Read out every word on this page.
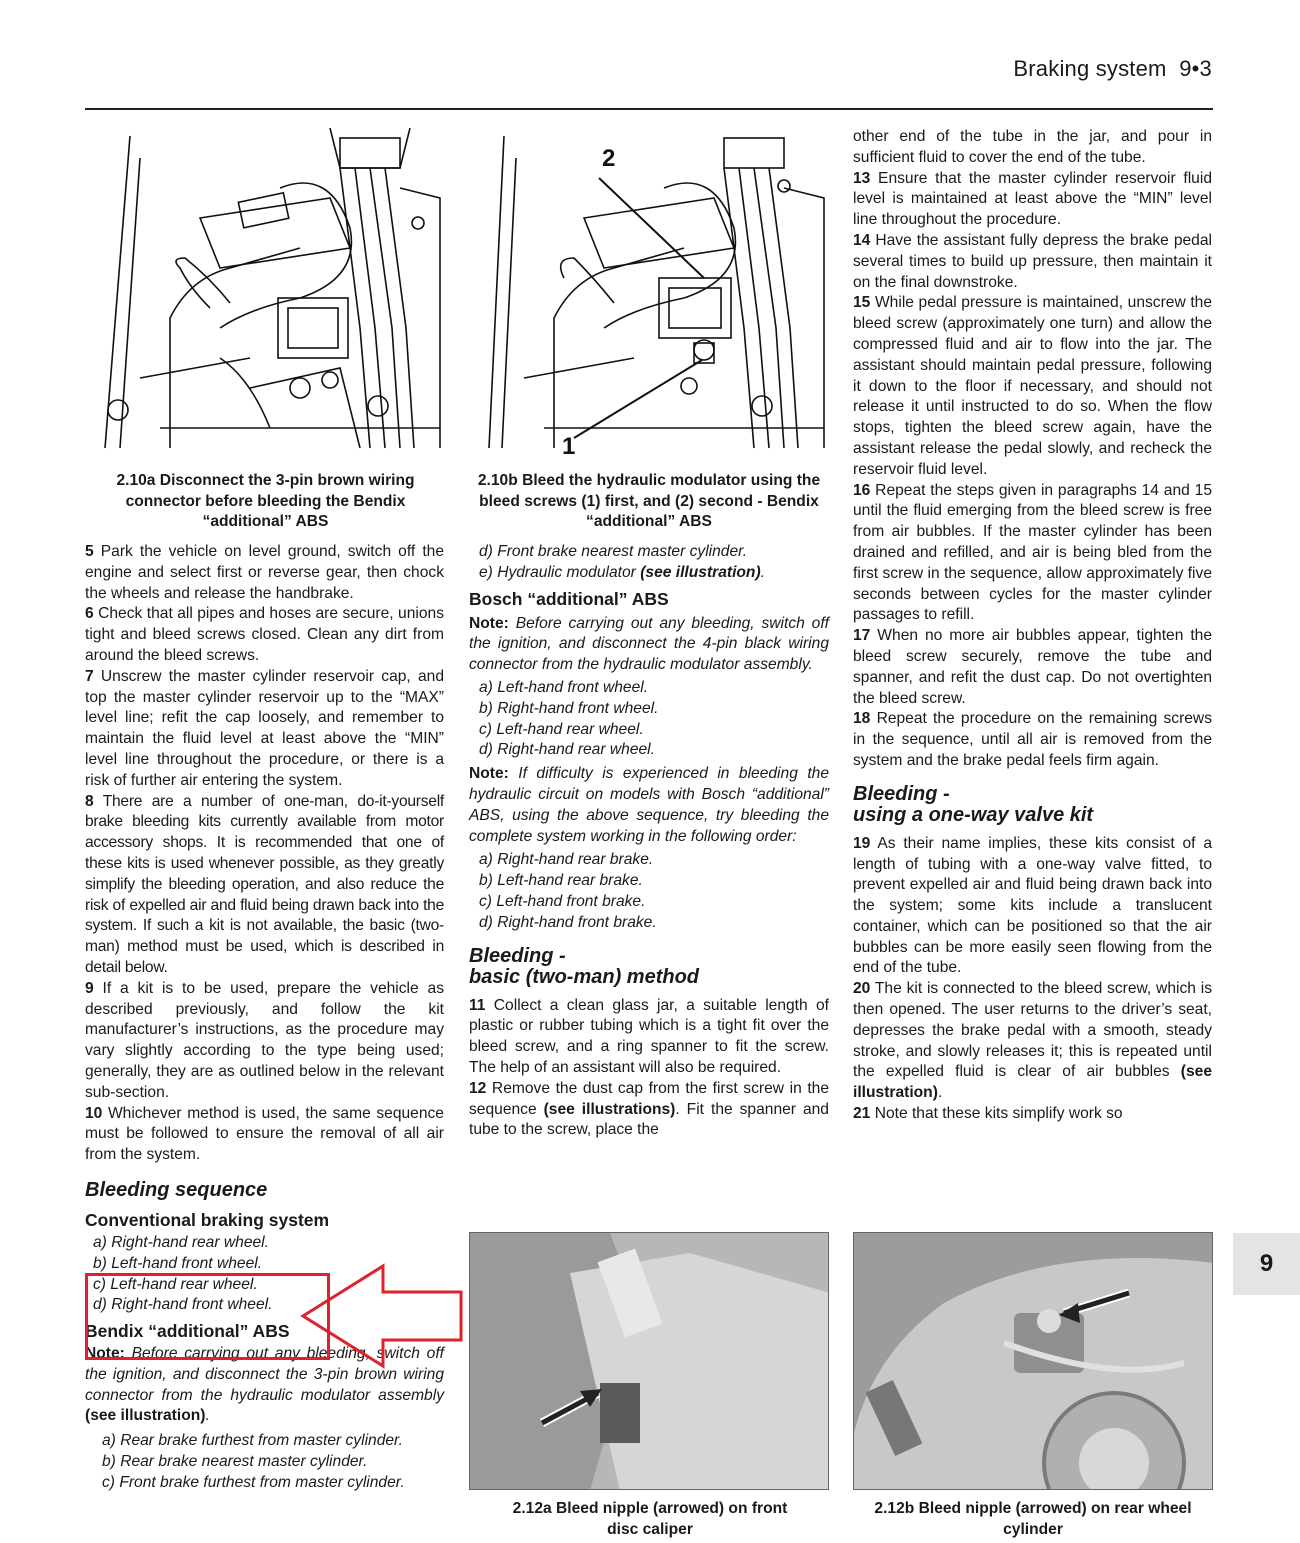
Braking system 9•3
2
1
2.10a Disconnect the 3-pin brown wiring connector before bleeding the Bendix “additional” ABS
2.10b Bleed the hydraulic modulator using the bleed screws (1) first, and (2) second - Bendix “additional” ABS

5 Park the vehicle on level ground, switch off the engine and select first or reverse gear, then chock the wheels and release the handbrake.

6 Check that all pipes and hoses are secure, unions tight and bleed screws closed. Clean any dirt from around the bleed screws.

7 Unscrew the master cylinder reservoir cap, and top the master cylinder reservoir up to the “MAX” level line; refit the cap loosely, and remember to maintain the fluid level at least above the “MIN” level line throughout the procedure, or there is a risk of further air entering the system.

8 There are a number of one-man, do-it-yourself brake bleeding kits currently available from motor accessory shops. It is recommended that one of these kits is used whenever possible, as they greatly simplify the bleeding operation, and also reduce the risk of expelled air and fluid being drawn back into the system. If such a kit is not available, the basic (two-man) method must be used, which is described in detail below.

9 If a kit is to be used, prepare the vehicle as described previously, and follow the kit manufacturer’s instructions, as the procedure may vary slightly according to the type being used; generally, they are as outlined below in the relevant sub-section.

10 Whichever method is used, the same sequence must be followed to ensure the removal of all air from the system.

Bleeding sequence
Conventional braking system
a) Right-hand rear wheel.
b) Left-hand front wheel.
c) Left-hand rear wheel.
d) Right-hand front wheel.
Bendix “additional” ABS

Note: Before carrying out any bleeding, switch off the ignition, and disconnect the 3-pin brown wiring connector from the hydraulic modulator assembly (see illustration).

a) Rear brake furthest from master cylinder.
b) Rear brake nearest master cylinder.
c) Front brake furthest from master cylinder.
d) Front brake nearest master cylinder.
e) Hydraulic modulator (see illustration).
Bosch “additional” ABS

Note: Before carrying out any bleeding, switch off the ignition, and disconnect the 4-pin black wiring connector from the hydraulic modulator assembly.

a) Left-hand front wheel.
b) Right-hand front wheel.
c) Left-hand rear wheel.
d) Right-hand rear wheel.

Note: If difficulty is experienced in bleeding the hydraulic circuit on models with Bosch “additional” ABS, using the above sequence, try bleeding the complete system working in the following order:

a) Right-hand rear brake.
b) Left-hand rear brake.
c) Left-hand front brake.
d) Right-hand front brake.
Bleeding -
basic (two-man) method

11 Collect a clean glass jar, a suitable length of plastic or rubber tubing which is a tight fit over the bleed screw, and a ring spanner to fit the screw. The help of an assistant will also be required.

12 Remove the dust cap from the first screw in the sequence (see illustrations). Fit the spanner and tube to the screw, place the

other end of the tube in the jar, and pour in sufficient fluid to cover the end of the tube.

13 Ensure that the master cylinder reservoir fluid level is maintained at least above the “MIN” level line throughout the procedure.

14 Have the assistant fully depress the brake pedal several times to build up pressure, then maintain it on the final downstroke.

15 While pedal pressure is maintained, unscrew the bleed screw (approximately one turn) and allow the compressed fluid and air to flow into the jar. The assistant should maintain pedal pressure, following it down to the floor if necessary, and should not release it until instructed to do so. When the flow stops, tighten the bleed screw again, have the assistant release the pedal slowly, and recheck the reservoir fluid level.

16 Repeat the steps given in paragraphs 14 and 15 until the fluid emerging from the bleed screw is free from air bubbles. If the master cylinder has been drained and refilled, and air is being bled from the first screw in the sequence, allow approximately five seconds between cycles for the master cylinder passages to refill.

17 When no more air bubbles appear, tighten the bleed screw securely, remove the tube and spanner, and refit the dust cap. Do not overtighten the bleed screw.

18 Repeat the procedure on the remaining screws in the sequence, until all air is removed from the system and the brake pedal feels firm again.

Bleeding -
using a one-way valve kit

19 As their name implies, these kits consist of a length of tubing with a one-way valve fitted, to prevent expelled air and fluid being drawn back into the system; some kits include a translucent container, which can be positioned so that the air bubbles can be more easily seen flowing from the end of the tube.

20 The kit is connected to the bleed screw, which is then opened. The user returns to the driver’s seat, depresses the brake pedal with a smooth, steady stroke, and slowly releases it; this is repeated until the expelled fluid is clear of air bubbles (see illustration).

21 Note that these kits simplify work so

2.12a Bleed nipple (arrowed) on front disc caliper
2.12b Bleed nipple (arrowed) on rear wheel cylinder
9
